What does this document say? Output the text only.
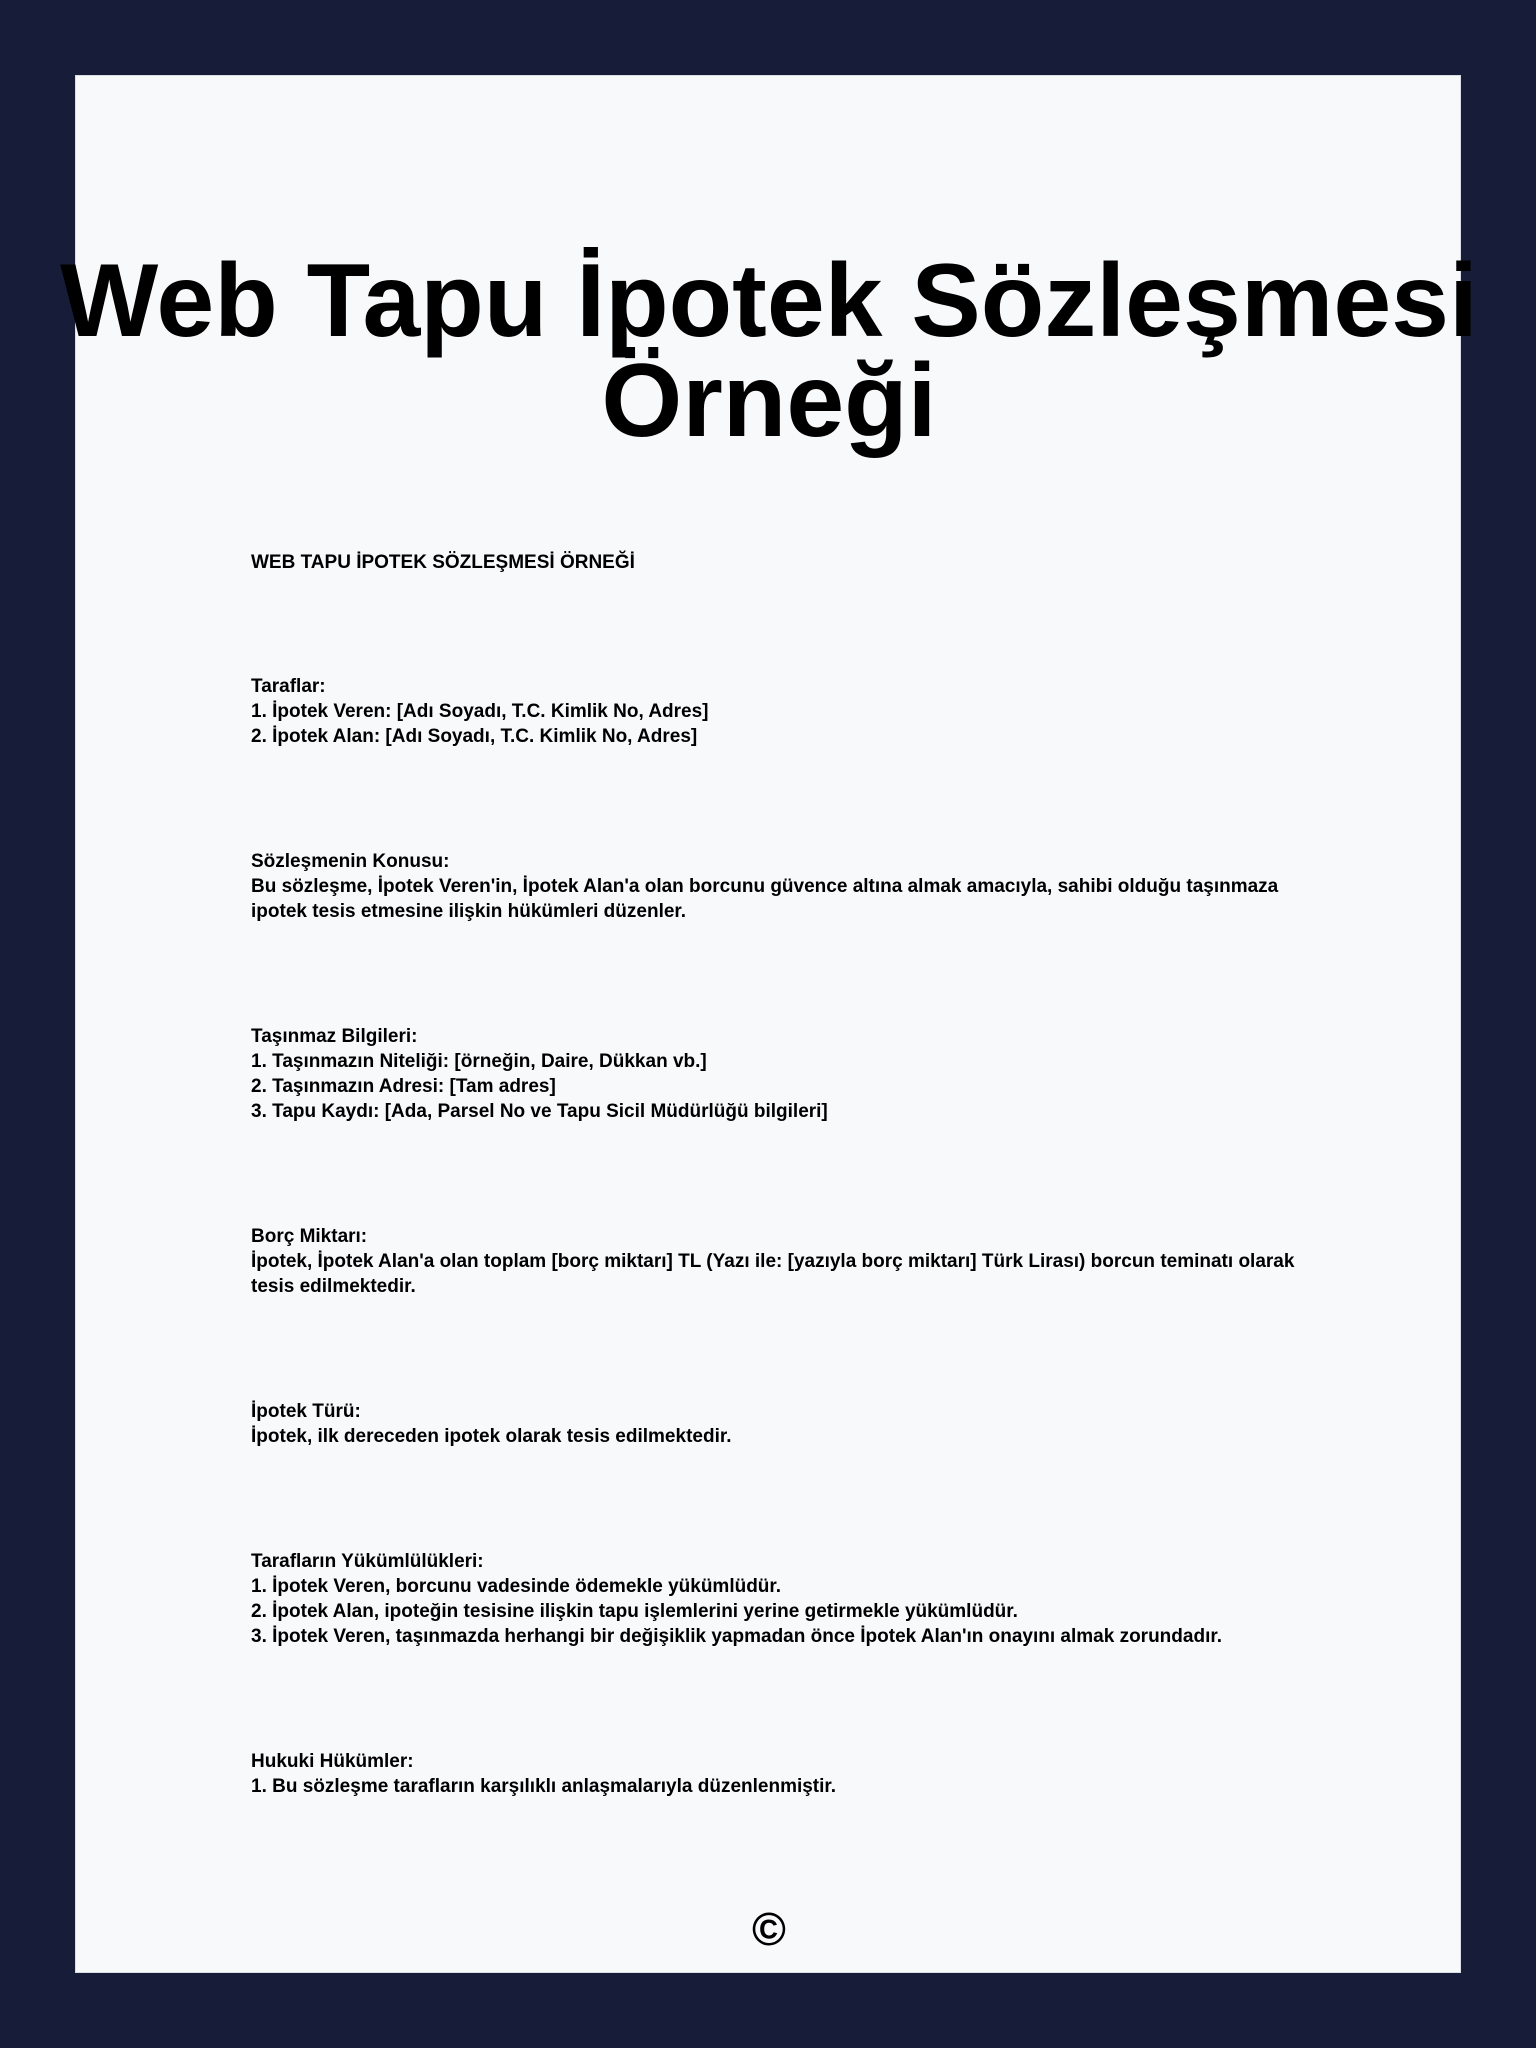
Web Tapu İpotek Sözleşmesi Örneği

WEB TAPU İPOTEK SÖZLEŞMESİ ÖRNEĞİ

Taraflar:

1. İpotek Veren: [Adı Soyadı, T.C. Kimlik No, Adres]

2. İpotek Alan: [Adı Soyadı, T.C. Kimlik No, Adres]

Sözleşmenin Konusu:

Bu sözleşme, İpotek Veren'in, İpotek Alan'a olan borcunu güvence altına almak amacıyla, sahibi olduğu taşınmaza ipotek tesis etmesine ilişkin hükümleri düzenler.

Taşınmaz Bilgileri:

1. Taşınmazın Niteliği: [örneğin, Daire, Dükkan vb.]

2. Taşınmazın Adresi: [Tam adres]

3. Tapu Kaydı: [Ada, Parsel No ve Tapu Sicil Müdürlüğü bilgileri]

Borç Miktarı:

İpotek, İpotek Alan'a olan toplam [borç miktarı] TL (Yazı ile: [yazıyla borç miktarı] Türk Lirası) borcun teminatı olarak tesis edilmektedir.

İpotek Türü:

İpotek, ilk dereceden ipotek olarak tesis edilmektedir.

Tarafların Yükümlülükleri:

1. İpotek Veren, borcunu vadesinde ödemekle yükümlüdür.

2. İpotek Alan, ipoteğin tesisine ilişkin tapu işlemlerini yerine getirmekle yükümlüdür.

3. İpotek Veren, taşınmazda herhangi bir değişiklik yapmadan önce İpotek Alan'ın onayını almak zorundadır.

Hukuki Hükümler:

1. Bu sözleşme tarafların karşılıklı anlaşmalarıyla düzenlenmiştir.

©
